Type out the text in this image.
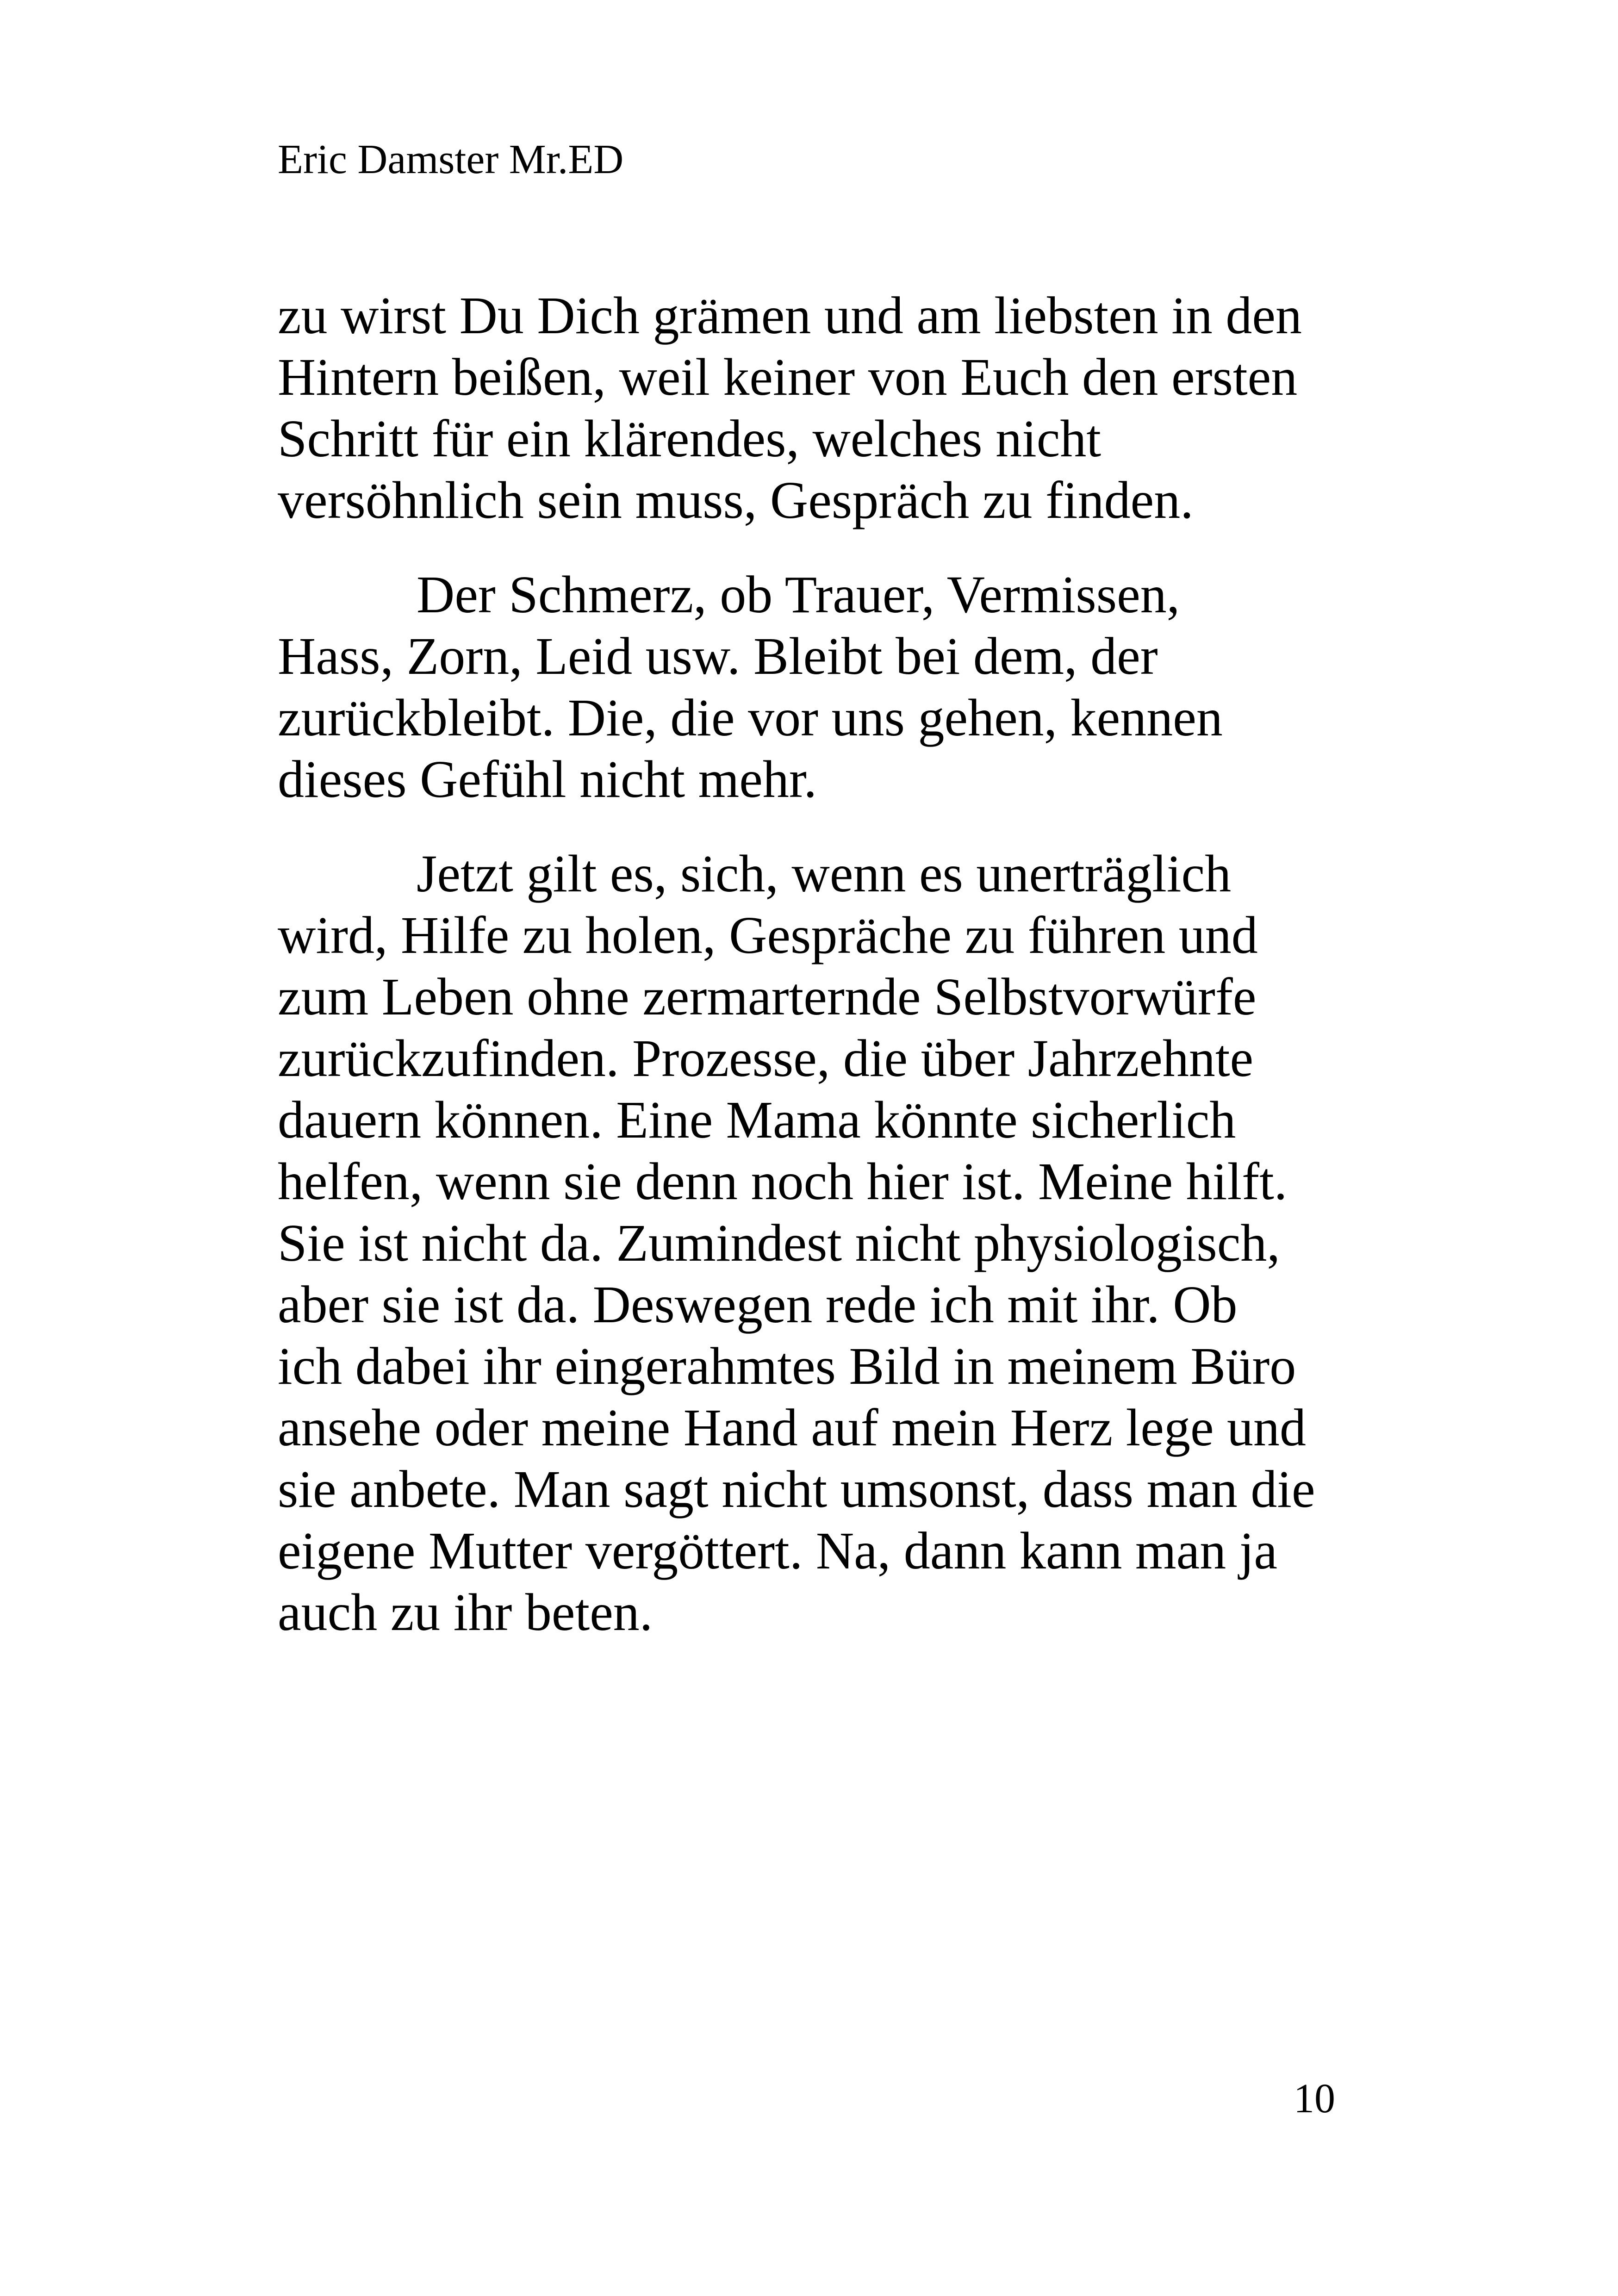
Eric Damster Mr.ED
zu wirst Du Dich grämen und am liebsten in den
Hintern beißen, weil keiner von Euch den ersten
Schritt für ein klärendes, welches nicht
versöhnlich sein muss, Gespräch zu finden.
Der Schmerz, ob Trauer, Vermissen,
Hass, Zorn, Leid usw. Bleibt bei dem, der
zurückbleibt. Die, die vor uns gehen, kennen
dieses Gefühl nicht mehr.
Jetzt gilt es, sich, wenn es unerträglich
wird, Hilfe zu holen, Gespräche zu führen und
zum Leben ohne zermarternde Selbstvorwürfe
zurückzufinden. Prozesse, die über Jahrzehnte
dauern können. Eine Mama könnte sicherlich
helfen, wenn sie denn noch hier ist. Meine hilft.
Sie ist nicht da. Zumindest nicht physiologisch,
aber sie ist da. Deswegen rede ich mit ihr. Ob
ich dabei ihr eingerahmtes Bild in meinem Büro
ansehe oder meine Hand auf mein Herz lege und
sie anbete. Man sagt nicht umsonst, dass man die
eigene Mutter vergöttert. Na, dann kann man ja
auch zu ihr beten.
10
